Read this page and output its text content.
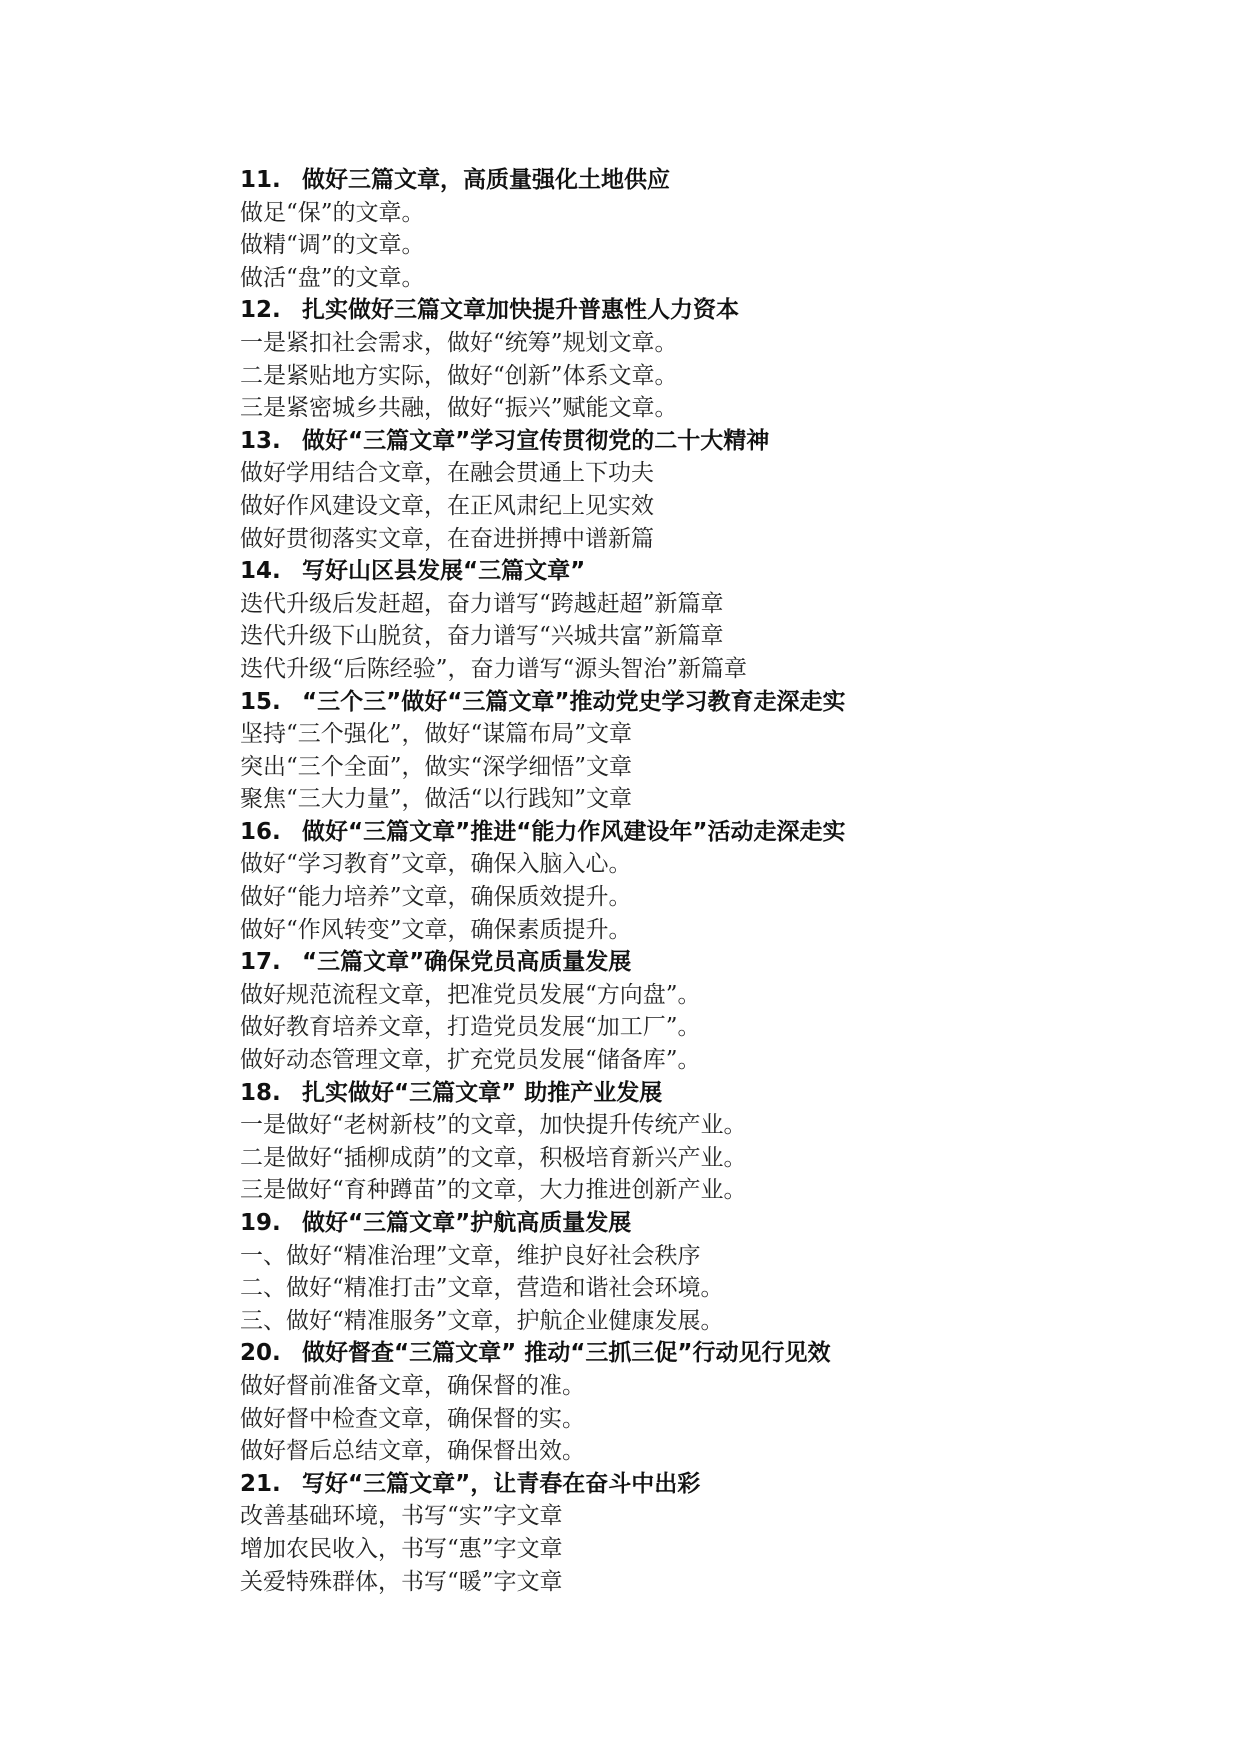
11. 做好三篇文章，高质量强化土地供应
做足“保”的文章。
做精“调”的文章。
做活“盘”的文章。
12. 扎实做好三篇文章加快提升普惠性人力资本
一是紧扣社会需求，做好“统筹”规划文章。
二是紧贴地方实际，做好“创新”体系文章。
三是紧密城乡共融，做好“振兴”赋能文章。
13. 做好“三篇文章”学习宣传贯彻党的二十大精神
做好学用结合文章，在融会贯通上下功夫
做好作风建设文章，在正风肃纪上见实效
做好贯彻落实文章，在奋进拼搏中谱新篇
14. 写好山区县发展“三篇文章”
迭代升级后发赶超，奋力谱写“跨越赶超”新篇章
迭代升级下山脱贫，奋力谱写“兴城共富”新篇章
迭代升级“后陈经验”，奋力谱写“源头智治”新篇章
15. “三个三”做好“三篇文章”推动党史学习教育走深走实
坚持“三个强化”，做好“谋篇布局”文章
突出“三个全面”，做实“深学细悟”文章
聚焦“三大力量”，做活“以行践知”文章
16. 做好“三篇文章”推进“能力作风建设年”活动走深走实
做好“学习教育”文章，确保入脑入心。
做好“能力培养”文章，确保质效提升。
做好“作风转变”文章，确保素质提升。
17. “三篇文章”确保党员高质量发展
做好规范流程文章，把准党员发展“方向盘”。
做好教育培养文章，打造党员发展“加工厂”。
做好动态管理文章，扩充党员发展“储备库”。
18. 扎实做好“三篇文章” 助推产业发展
一是做好“老树新枝”的文章，加快提升传统产业。
二是做好“插柳成荫”的文章，积极培育新兴产业。
三是做好“育种蹲苗”的文章，大力推进创新产业。
19. 做好“三篇文章”护航高质量发展
一、做好“精准治理”文章，维护良好社会秩序
二、做好“精准打击”文章，营造和谐社会环境。
三、做好“精准服务”文章，护航企业健康发展。
20. 做好督查“三篇文章” 推动“三抓三促”行动见行见效
做好督前准备文章，确保督的准。
做好督中检查文章，确保督的实。
做好督后总结文章，确保督出效。
21. 写好“三篇文章”，让青春在奋斗中出彩
改善基础环境，书写“实”字文章
增加农民收入，书写“惠”字文章
关爱特殊群体，书写“暖”字文章
